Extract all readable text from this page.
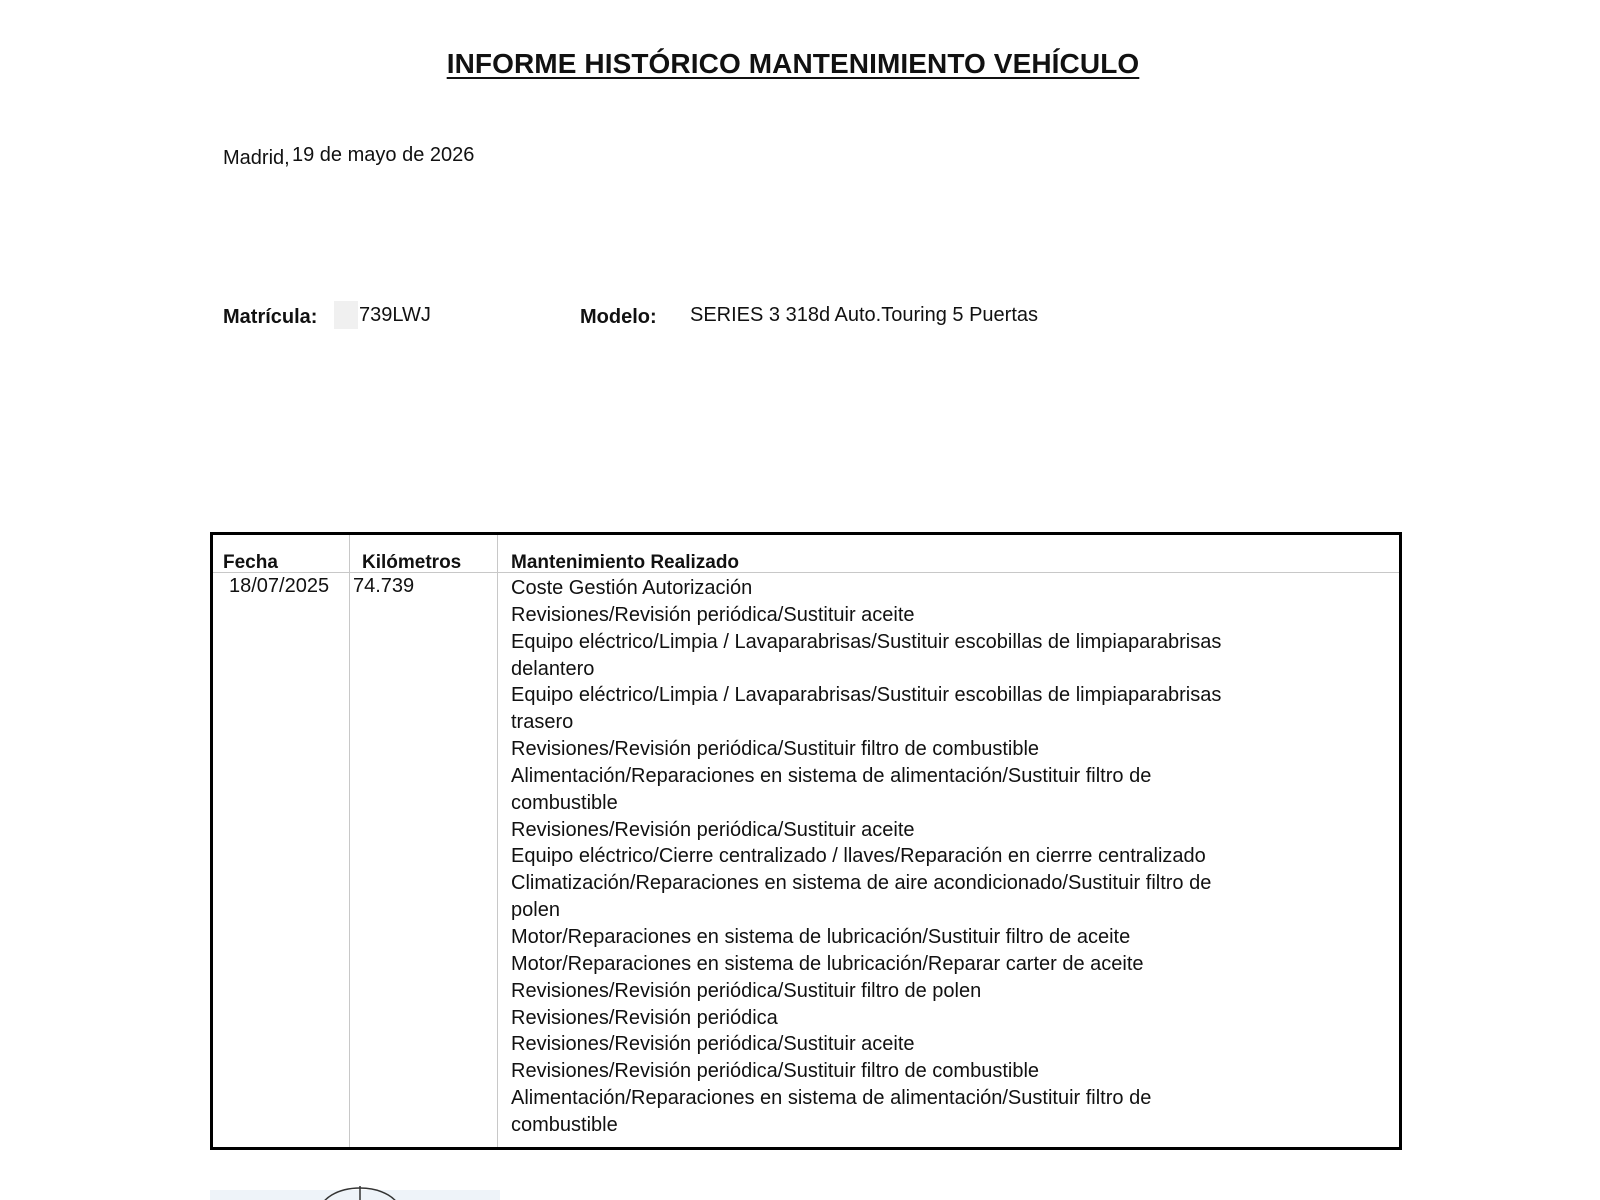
INFORME HISTÓRICO MANTENIMIENTO VEHÍCULO
Madrid, 19 de mayo de 2026
Matrícula: 739LWJ	Modelo: SERIES 3 318d Auto.Touring 5 Puertas
Fecha	Kilómetros	Mantenimiento Realizado
18/07/2025 74.739	Coste Gestión Autorización
Revisiones/Revisión periódica/Sustituir aceite
Equipo eléctrico/Limpia / Lavaparabrisas/Sustituir escobillas de limpiaparabrisas
delantero
Equipo eléctrico/Limpia / Lavaparabrisas/Sustituir escobillas de limpiaparabrisas
trasero
Revisiones/Revisión periódica/Sustituir filtro de combustible
Alimentación/Reparaciones en sistema de alimentación/Sustituir filtro de
combustible
Revisiones/Revisión periódica/Sustituir aceite
Equipo eléctrico/Cierre centralizado / llaves/Reparación en cierrre centralizado
Climatización/Reparaciones en sistema de aire acondicionado/Sustituir filtro de
polen
Motor/Reparaciones en sistema de lubricación/Sustituir filtro de aceite
Motor/Reparaciones en sistema de lubricación/Reparar carter de aceite
Revisiones/Revisión periódica/Sustituir filtro de polen
Revisiones/Revisión periódica
Revisiones/Revisión periódica/Sustituir aceite
Revisiones/Revisión periódica/Sustituir filtro de combustible
Alimentación/Reparaciones en sistema de alimentación/Sustituir filtro de
combustible
